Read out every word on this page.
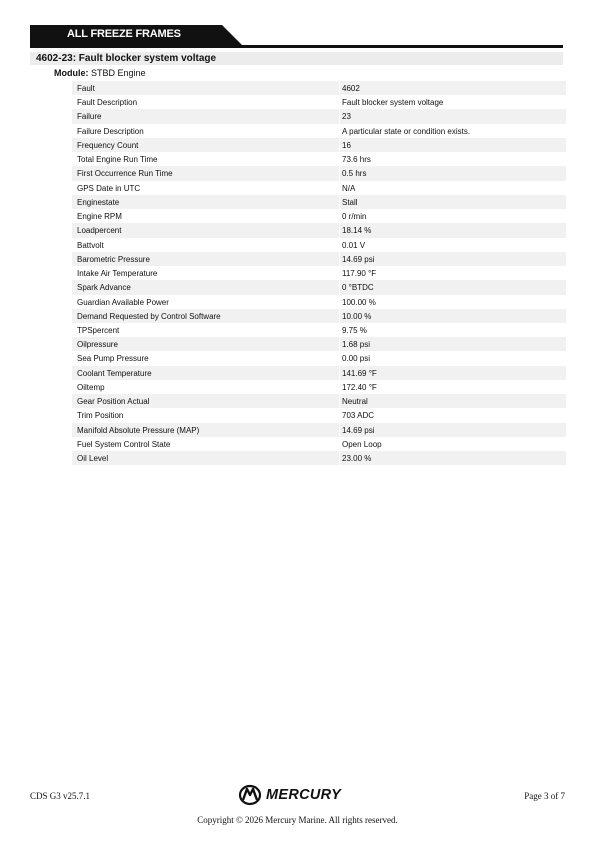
ALL FREEZE FRAMES
4602-23: Fault blocker system voltage
Module: STBD Engine
Fault	4602
Fault Description	Fault blocker system voltage
Failure	23
Failure Description	A particular state or condition exists.
Frequency Count	16
Total Engine Run Time	73.6 hrs
First Occurrence Run Time	0.5 hrs
GPS Date in UTC	N/A
Enginestate	Stall
Engine RPM	0 r/min
Loadpercent	18.14 %
Battvolt	0.01 V
Barometric Pressure	14.69 psi
Intake Air Temperature	117.90 °F
Spark Advance	0 °BTDC
Guardian Available Power	100.00 %
Demand Requested by Control Software	10.00 %
TPSpercent	9.75 %
Oilpressure	1.68 psi
Sea Pump Pressure	0.00 psi
Coolant Temperature	141.69 °F
Oiltemp	172.40 °F
Gear Position Actual	Neutral
Trim Position	703 ADC
Manifold Absolute Pressure (MAP)	14.69 psi
Fuel System Control State	Open Loop
Oil Level	23.00 %
CDS G3 v25.7.1	MERCURY	Page 3 of 7
Copyright © 2026 Mercury Marine. All rights reserved.
